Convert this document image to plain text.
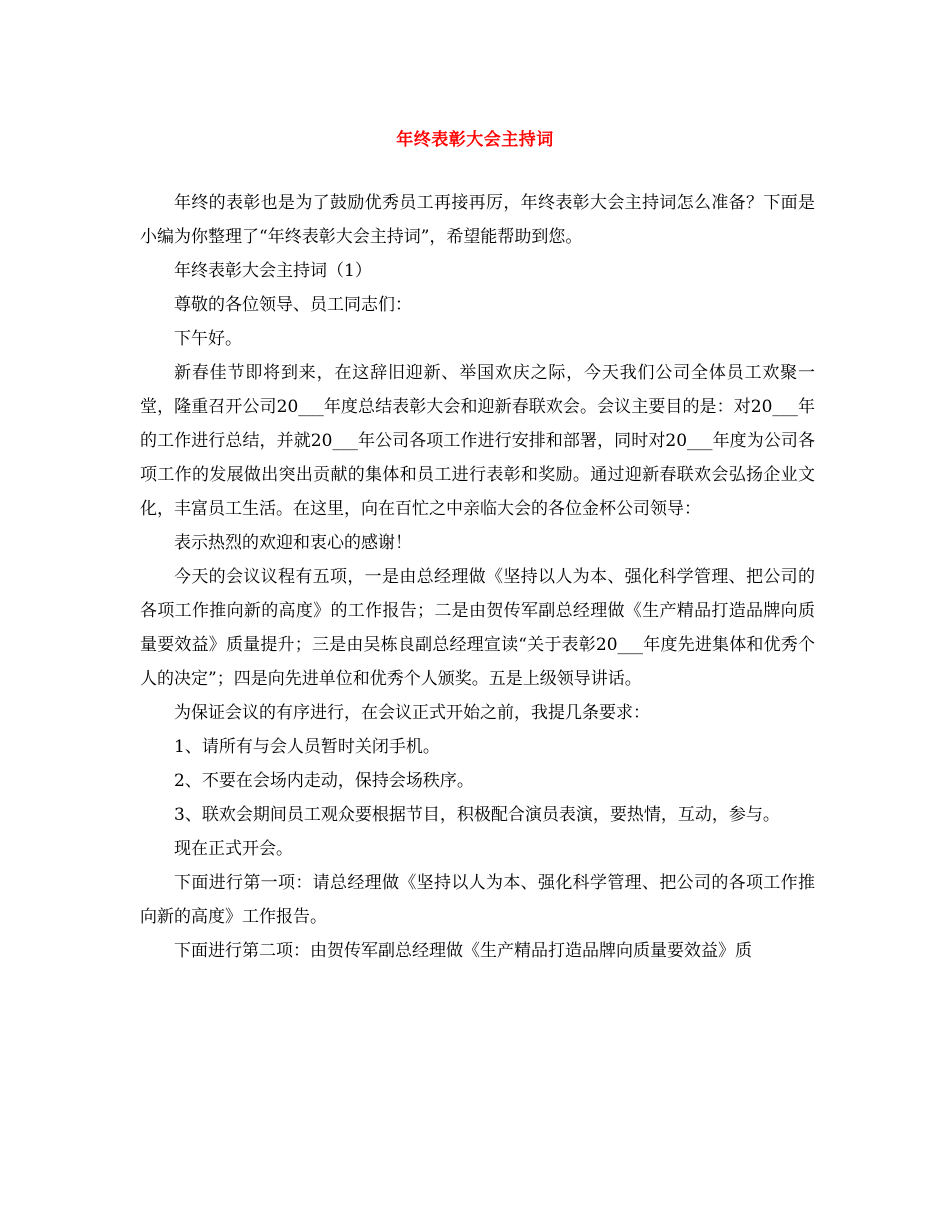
年终表彰大会主持词

年终的表彰也是为了鼓励优秀员工再接再厉，年终表彰大会主持词怎么准备？下面是小编为你整理了“年终表彰大会主持词”，希望能帮助到您。

年终表彰大会主持词（1）

尊敬的各位领导、员工同志们：

下午好。

新春佳节即将到来，在这辞旧迎新、举国欢庆之际，今天我们公司全体员工欢聚一堂，隆重召开公司20___年度总结表彰大会和迎新春联欢会。会议主要目的是：对20___年的工作进行总结，并就20___年公司各项工作进行安排和部署，同时对20___年度为公司各项工作的发展做出突出贡献的集体和员工进行表彰和奖励。通过迎新春联欢会弘扬企业文化，丰富员工生活。在这里，向在百忙之中亲临大会的各位金杯公司领导：

表示热烈的欢迎和衷心的感谢！

今天的会议议程有五项，一是由总经理做《坚持以人为本、强化科学管理、把公司的各项工作推向新的高度》的工作报告；二是由贺传军副总经理做《生产精品打造品牌向质量要效益》质量提升；三是由吴栋良副总经理宣读“关于表彰20___年度先进集体和优秀个人的决定”；四是向先进单位和优秀个人颁奖。五是上级领导讲话。

为保证会议的有序进行，在会议正式开始之前，我提几条要求：

1、请所有与会人员暂时关闭手机。

2、不要在会场内走动，保持会场秩序。

3、联欢会期间员工观众要根据节目，积极配合演员表演，要热情，互动，参与。

现在正式开会。

下面进行第一项：请总经理做《坚持以人为本、强化科学管理、把公司的各项工作推向新的高度》工作报告。

下面进行第二项：由贺传军副总经理做《生产精品打造品牌向质量要效益》质
